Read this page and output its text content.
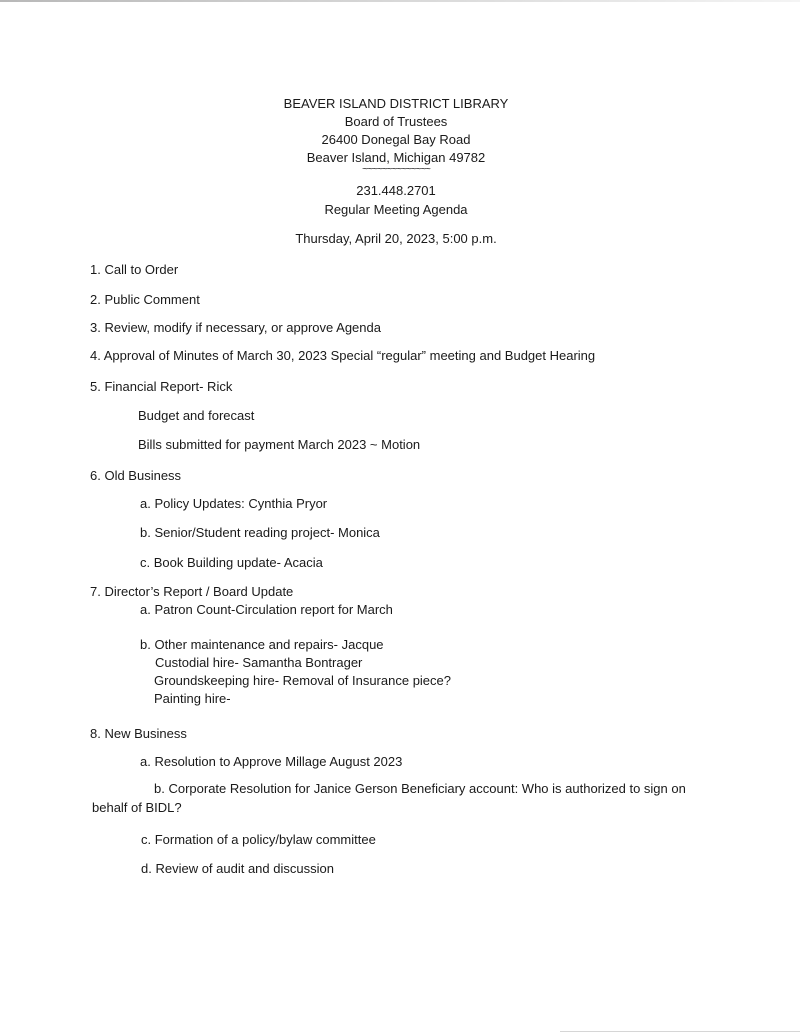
BEAVER ISLAND DISTRICT LIBRARY
Board of Trustees
26400 Donegal Bay Road
Beaver Island, Michigan 49782
~~~~~~~~~~~~~~
231.448.2701
Regular Meeting Agenda
Thursday, April 20, 2023, 5:00 p.m.
1. Call to Order
2. Public Comment
3. Review, modify if necessary, or approve Agenda
4. Approval of Minutes of March 30, 2023 Special “regular” meeting and Budget Hearing
5. Financial Report- Rick
Budget and forecast
Bills submitted for payment March 2023 ~ Motion
6. Old Business
a. Policy Updates: Cynthia Pryor
b. Senior/Student reading project- Monica
c. Book Building update- Acacia
7. Director’s Report / Board Update
a. Patron Count-Circulation report for March
b. Other maintenance and repairs- Jacque
Custodial hire- Samantha Bontrager
Groundskeeping hire- Removal of Insurance piece?
Painting hire-
8. New Business
a. Resolution to Approve Millage August 2023
b. Corporate Resolution for Janice Gerson Beneficiary account: Who is authorized to sign on
behalf of BIDL?
c. Formation of a policy/bylaw committee
d. Review of audit and discussion
